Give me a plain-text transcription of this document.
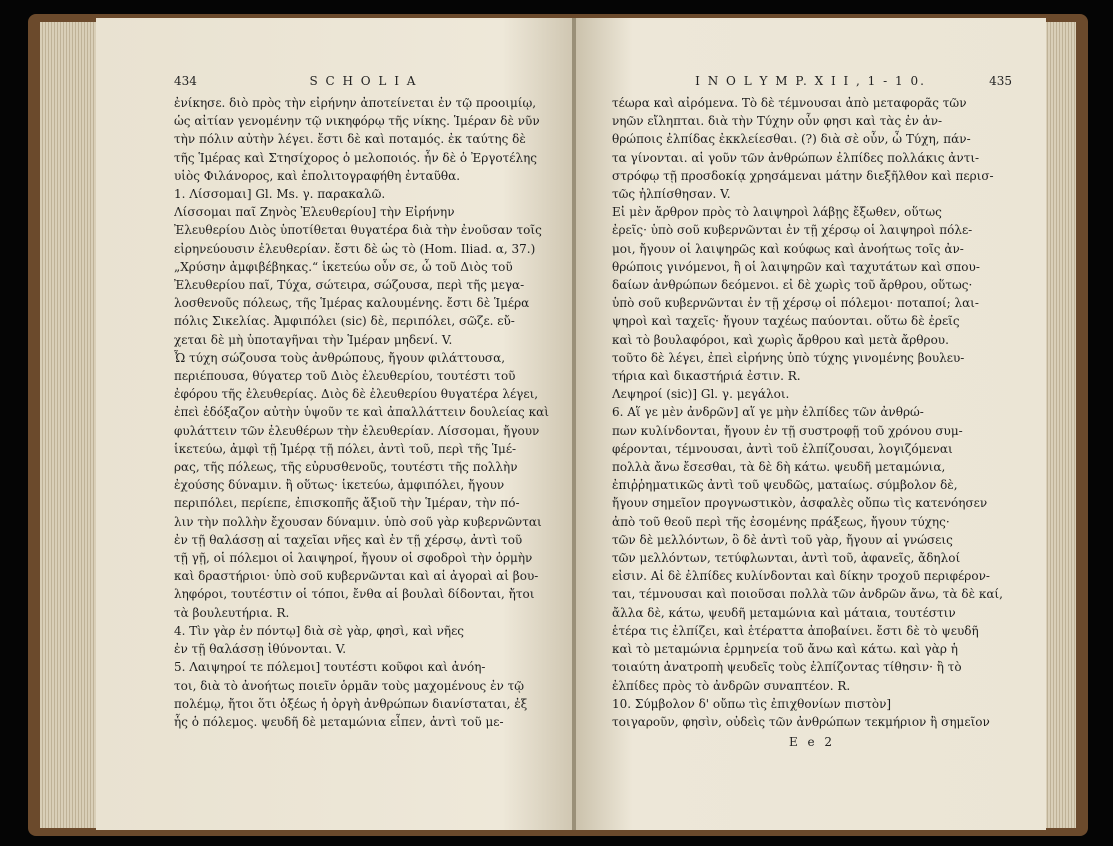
434	S C H O L I A
ἐνίκησε. διὸ πρὸς τὴν εἰρήνην ἀποτείνεται ἐν τῷ προοιμίῳ,
ὡς αἰτίαν γενομένην τῷ νικηφόρῳ τῆς νίκης. Ἱμέραν δὲ νῦν
τὴν πόλιν αὐτὴν λέγει. ἔστι δὲ καὶ ποταμός. ἐκ ταύτης δὲ
τῆς Ἱμέρας καὶ Στησίχορος ὁ μελοποιός. ἦν δὲ ὁ Ἐργοτέλης
υἱὸς Φιλάνορος, καὶ ἐπολιτογραφήθη ἐνταῦθα.
1. Λίσσομαι] Gl. Ms. γ. παρακαλῶ.
Λίσσομαι παῖ Ζηνὸς Ἐλευθερίου] τὴν Εἰρήνην
Ἐλευθερίου Διὸς ὑποτίθεται θυγατέρα διὰ τὴν ἐνοῦσαν τοῖς
εἰρηνεύουσιν ἐλευθερίαν. ἔστι δὲ ὡς τὸ (Hom. Iliad. α, 37.)
„Χρύσην ἀμφιβέβηκας.“ ἱκετεύω οὖν σε, ὦ τοῦ Διὸς τοῦ
Ἐλευθερίου παῖ, Τύχα, σώτειρα, σώζουσα, περὶ τῆς μεγα-
λοσθενοῦς πόλεως, τῆς Ἱμέρας καλουμένης. ἔστι δὲ Ἱμέρα
πόλις Σικελίας. Ἀμφιπόλει (sic) δὲ, περιπόλει, σῶζε. εὔ-
χεται δὲ μὴ ὑποταγῆναι τὴν Ἱμέραν μηδενί. V.
Ὦ τύχη σώζουσα τοὺς ἀνθρώπους, ἤγουν φιλάττουσα,
περιέπουσα, θύγατερ τοῦ Διὸς ἐλευθερίου, τουτέστι τοῦ
ἐφόρου τῆς ἐλευθερίας. Διὸς δὲ ἐλευθερίου θυγατέρα λέγει,
ἐπεὶ ἐδόξαζον αὐτὴν ὑψοῦν τε καὶ ἀπαλλάττειν δουλείας καὶ
φυλάττειν τῶν ἐλευθέρων τὴν ἐλευθερίαν. Λίσσομαι, ἤγουν
ἱκετεύω, ἀμφὶ τῇ Ἱμέρᾳ τῇ πόλει, ἀντὶ τοῦ, περὶ τῆς Ἱμέ-
ρας, τῆς πόλεως, τῆς εὐρυσθενοῦς, τουτέστι τῆς πολλὴν
ἐχούσης δύναμιν. ἢ οὕτως· ἱκετεύω, ἀμφιπόλει, ἤγουν
περιπόλει, περίεπε, ἐπισκοπῆς ἄξιοῦ τὴν Ἱμέραν, τὴν πό-
λιν τὴν πολλὴν ἔχουσαν δύναμιν. ὑπὸ σοῦ γὰρ κυβερνῶνται
ἐν τῇ θαλάσσῃ αἱ ταχεῖαι νῆες καὶ ἐν τῇ χέρσῳ, ἀντὶ τοῦ
τῇ γῇ, οἱ πόλεμοι οἱ λαιψηροί, ἤγουν οἱ σφοδροὶ τὴν ὁρμὴν
καὶ δραστήριοι· ὑπὸ σοῦ κυβερνῶνται καὶ αἱ ἀγοραὶ αἱ βου-
ληφόροι, τουτέστιν οἱ τόποι, ἔνθα αἱ βουλαὶ δίδονται, ἤτοι
τὰ βουλευτήρια. R.
4. Τὶν γὰρ ἐν πόντῳ] διὰ σὲ γὰρ, φησὶ, καὶ νῆες
ἐν τῇ θαλάσσῃ ἰθύνονται. V.
5. Λαιψηροί τε πόλεμοι] τουτέστι κοῦφοι καὶ ἀνόη-
τοι, διὰ τὸ ἀνοήτως ποιεῖν ὁρμᾶν τοὺς μαχομένους ἐν τῷ
πολέμῳ, ἤτοι ὅτι ὀξέως ἡ ὀργὴ ἀνθρώπων διανίσταται, ἐξ
ἧς ὁ πόλεμος. ψευδῆ δὲ μεταμώνια εἶπεν, ἀντὶ τοῦ με-
I N O L Y M P. X I I , 1 - 1 0.	435
τέωρα καὶ αἰρόμενα. Τὸ δὲ τέμνουσαι ἀπὸ μεταφορᾶς τῶν
νηῶν εἴληπται. διὰ τὴν Τύχην οὖν φησι καὶ τὰς ἐν ἀν-
θρώποις ἐλπίδας ἐκκλείεσθαι. (?) διὰ σὲ οὖν, ὦ Τύχη, πάν-
τα γίνονται. αἱ γοῦν τῶν ἀνθρώπων ἐλπίδες πολλάκις ἀντι-
στρόφῳ τῇ προσδοκίᾳ χρησάμεναι μάτην διεξῆλθον καὶ περισ-
τῶς ἠλπίσθησαν. V.
Εἰ μὲν ἄρθρον πρὸς τὸ λαιψηροὶ λάβῃς ἔξωθεν, οὕτως
ἐρεῖς· ὑπὸ σοῦ κυβερνῶνται ἐν τῇ χέρσῳ οἱ λαιψηροὶ πόλε-
μοι, ἤγουν οἱ λαιψηρῶς καὶ κούφως καὶ ἀνοήτως τοῖς ἀν-
θρώποις γινόμενοι, ἢ οἱ λαιψηρῶν καὶ ταχυτάτων καὶ σπου-
δαίων ἀνθρώπων δεόμενοι. εἰ δὲ χωρὶς τοῦ ἄρθρου, οὕτως·
ὑπὸ σοῦ κυβερνῶνται ἐν τῇ χέρσῳ οἱ πόλεμοι· ποταποί; λαι-
ψηροὶ καὶ ταχεῖς· ἤγουν ταχέως παύονται. οὕτω δὲ ἐρεῖς
καὶ τὸ βουλαφόροι, καὶ χωρὶς ἄρθρου καὶ μετὰ ἄρθρου.
τοῦτο δὲ λέγει, ἐπεὶ εἰρήνης ὑπὸ τύχης γινομένης βουλευ-
τήρια καὶ δικαστήριά ἐστιν. R.
Λεψηροί (sic)] Gl. γ. μεγάλοι.
6. Αἵ γε μὲν ἀνδρῶν] αἵ γε μὴν ἐλπίδες τῶν ἀνθρώ-
πων κυλίνδονται, ἤγουν ἐν τῇ συστροφῇ τοῦ χρόνου συμ-
φέρονται, τέμνουσαι, ἀντὶ τοῦ ἐλπίζουσαι, λογιζόμεναι
πολλὰ ἄνω ἔσεσθαι, τὰ δὲ δὴ κάτω. ψευδῆ μεταμώνια,
ἐπιῤῥηματικῶς ἀντὶ τοῦ ψευδῶς, ματαίως. σύμβολον δὲ,
ἤγουν σημεῖον προγνωστικὸν, ἀσφαλὲς οὔπω τὶς κατενόησεν
ἀπὸ τοῦ θεοῦ περὶ τῆς ἐσομένης πράξεως, ἤγουν τύχης·
τῶν δὲ μελλόντων, ὃ δὲ ἀντὶ τοῦ γὰρ, ἤγουν αἱ γνώσεις
τῶν μελλόντων, τετύφλωνται, ἀντὶ τοῦ, ἀφανεῖς, ἄδηλοί
εἰσιν. Αἱ δὲ ἐλπίδες κυλίνδονται καὶ δίκην τροχοῦ περιφέρον-
ται, τέμνουσαι καὶ ποιοῦσαι πολλὰ τῶν ἀνδρῶν ἄνω, τὰ δὲ καί,
ἄλλα δὲ, κάτω, ψευδῆ μεταμώνια καὶ μάταια, τουτέστιν
ἑτέρα τις ἐλπίζει, καὶ ἑτέραττα ἀποβαίνει. ἔστι δὲ τὸ ψευδῆ
καὶ τὸ μεταμώνια ἑρμηνεία τοῦ ἄνω καὶ κάτω. καὶ γὰρ ἡ
τοιαύτη ἀνατροπὴ ψευδεῖς τοὺς ἐλπίζοντας τίθησιν· ἢ τὸ
ἐλπίδες πρὸς τὸ ἀνδρῶν συναπτέον. R.
10. Σύμβολον δ' οὔπω τὶς ἐπιχθονίων πιστὸν]
τοιγαροῦν, φησὶν, οὐδεὶς τῶν ἀνθρώπων τεκμήριον ἢ σημεῖον
E e 2
